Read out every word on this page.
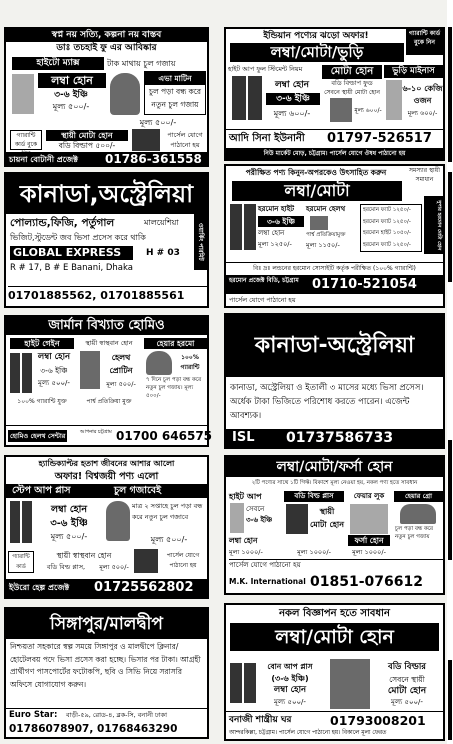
স্বপ্ন নয় সত্যি, কল্পনা নয় বাস্তব
ডাঃ তচহাই ফু এর আবিষ্কার
হাইটো ম্যাক্স	টাক মাথায় চুল গজায়
লম্বা হোন
৩-৬ ইঞ্চি
মূল্য ৫০০/-
এভা মাটিন
চুল পড়া বন্ধ করে
নতুন চুল গজায়
মূল্য ৫০০/-
গ্যারান্টি কার্ড বুকে
স্থায়ী মোটা হোন
বডি বিল্ডাপ ৫০০/-
পার্সেল যোগে পাঠানো হয়
চায়না বোটানী প্রজেক্ট 01786-361558
ইন্ডিয়ান পণ্যের ঝড়ো অফার!	গ্যারান্টি কার্ড বুকে নিন
লম্বা/মোটা/ভুড়ি
হাইট আপ ফুল স্টিমেন্ট নিয়ম
লম্বা হোন
৩-৬ ইঞ্চি
মূল্য ৬০০/-
মোটা হোন
বডি বিল্ডাপ ফুড
সেবনে স্থায়ী মোটা হোন
মূল্য ৬০০/-
ভুড়ি মাইনাস
৬-১০ কেজি
ওজন
মূল্য ৬০০/-
আদি সিনা ইউনানী 01797-526517
নিউ মার্কেট মোড়, চট্টগ্রাম। পার্সেল যোগে ঔষধ পাঠানো হয়
কানাডা,অস্ট্রেলিয়া
পোল্যান্ড,ফিজি, পর্তুগাল	মালয়েশিয়া
ভিজিট,স্টুডেন্ট জব ভিসা প্রসেস করে থাকি	ওয়ার্কিং পারমিট
GLOBAL EXPRESS	H # 03
R # 17, B # E Banani, Dhaka
01701885562, 01701885561
পরীক্ষিত পণ্য কিনুন-অপরকেও উৎসাহিত করুন	সমস্যার স্থায়ী সমাধান
লম্বা/মোটা
হরমোন হাইট
৩-৬ ইঞ্চি
লম্বা হোন
মূল্য ১২৫০/-
হরমোন হেলথ
পার্শ্ব প্রতিক্রিয়ামুক্ত
মূল্য ১১৫০/-
হরমোন ফ্যাট ১২৫০/-
হরমোন ফ্যাট ১২৫০/-
হরমোন হাইট ১০৫০/-
হরমোন ফ্যাট ১২৫০/-
সুপার হরমোন মোটা হোন
বিঃ দ্রঃ লন্ডনের হরমোন সোসাইটি কর্তৃক পরীক্ষিত (১০০% গ্যারান্টি)
হরমোন প্রজেক্ট বিডি, চট্টগ্রাম	01710-521054
পার্সেল যোগে পাঠানো হয়
জার্মান বিখ্যাত হোমিও
হাইট গেইন
লম্বা হোন
৩-৬ ইঞ্চি
মূল্য ৫০০/-
১০০% গ্যারান্টি যুক্ত
স্থায়ী স্বাস্থবান হোন
হেলথ প্রোটিন
মূল্য ৫০০/-
পার্শ্ব প্রতিক্রিয়া মুক্ত
হেয়ার হরমো
৭ দিনে চুল পড়া বন্ধ করে নতুন চুল গজায়। মূল্য ৫০০/-
১০০% গ্যারান্টি
হোমিও হেলথ সেন্টার	আপনার চট্টগ্রাম 01700 646575
কানাডা-অস্ট্রেলিয়া
কানাডা, অস্ট্রেলিয়া ও ইতালী ৩ মাসের মধ্যে ভিসা প্রসেস। অর্ধেক টাকা ভিজিতে পরিশোধ করতে পারেন। এজেন্ট আবশ্যক।
ISL 01737586733
হ্যান্ডিক্যাপ্টর হতাশ জীবনের আশার আলো
অফার! বিশ্বজয়ী পণ্য এলো
স্টেপ আপ প্লাস	চুল গজাবেই
লম্বা হোন
৩-৬ ইঞ্চি
মূল্য ৫০০/-
মাত্র ২ সপ্তাহে চুল পড়া বন্ধ করে নতুন চুল গজাবে
মূল্য ৫০০/-
গ্যারান্টি কার্ড
স্থায়ী স্বাস্থবান হোন
বডি বিল্ড প্লাস,	মূল্য ৫০০/-
পার্সেল যোগে পাঠানো হয়
ইউরো হেল্প প্রজেক্ট 01725562802
লম্বা/মোটা/ফর্সা হোন
২টি পণ্যের সাথে ১টি গিফ্ট। বিকাশে মূল্য নেওয়া হয়, নকল পণ্য হতে সাবধান
হাইট আপ
সেবনে
৩-৬ ইঞ্চি
লম্বা হোন
মূল্য ১০০০/-
বডি বিল্ড প্লাস
স্থায়ী মোটা হোন
মূল্য ১০০০/-
ফেয়ার লুক
ফর্সা হোন
মূল্য ১০০০/-
হেয়ার গ্রো
চুল পড়া বন্ধ করে নতুন চুল গজায়
পার্সেল যোগে পাঠানো হয়
M.K. International 01851-076612
সিঙ্গাপুর/মালদ্বীপ
নিশ্চয়তা সহকারে স্বল্প সময়ে সিঙ্গাপুর ও মালদ্বীপে ক্লিনার/হোটেলবয় পদে ভিসা প্রসেস করা হচ্ছে। ভিসার পর টাকা। আগ্রহী প্রার্থীগণ পাসপোর্টের ফটোকপি, ছবি ও সিভি নিয়ে সরাসরি অফিসে যোগাযোগ করুন।
Euro Star: বাড়ী-৫৯, রোড-৪, ব্লক-সি, বনানী ঢাকা
01786078907, 01768463290
নকল বিজ্ঞাপন হতে সাবধান
লম্বা/মোটা হোন
বোন আপ প্লাস
(৩-৬ ইঞ্চি)
লম্বা হোন
মূল্য ৫০০/-
বডি বিল্ডার
সেবনে স্থায়ী
মোটা হোন
মূল্য ৫০০/-
বনাজী শান্ত্রীয় ঘর	01793008201
আন্দরকিল্লা, চট্টগ্রাম। পার্সেল যোগে পাঠানো হয়। বিকালে মূল্য ফেরত
